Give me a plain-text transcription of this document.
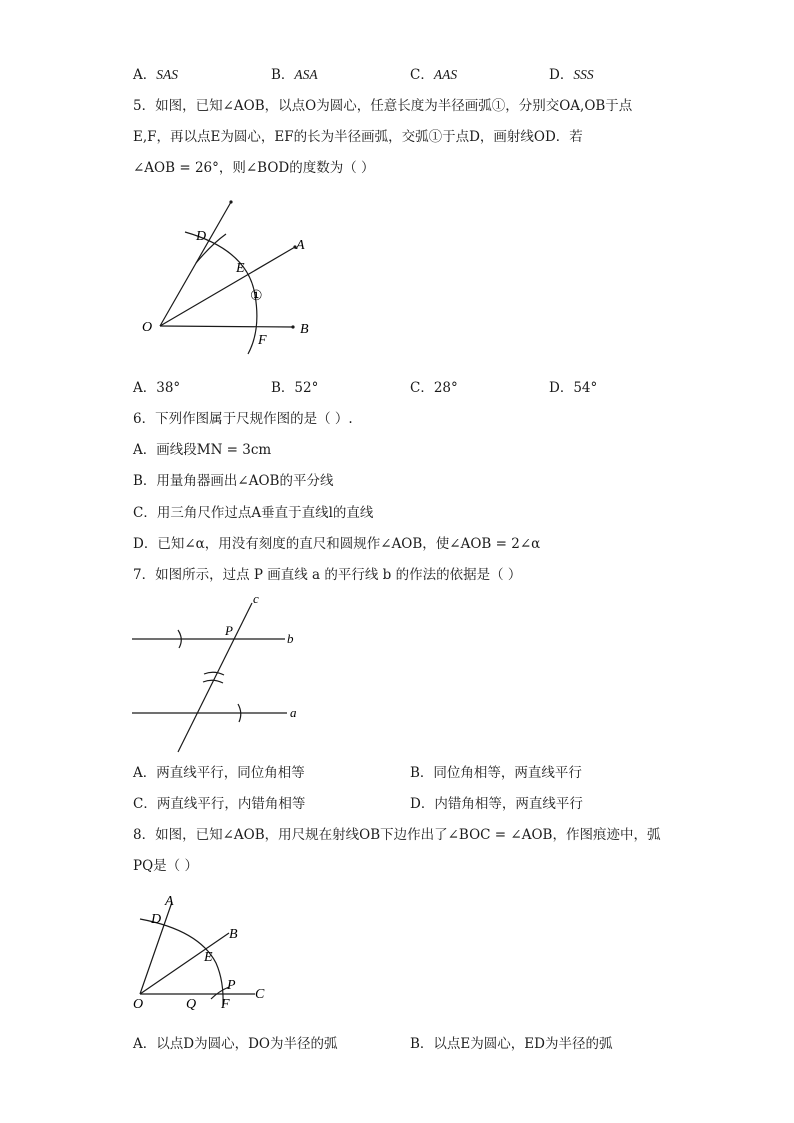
A．SAS	B．ASA	C．AAS	D．SSS
5．如图，已知∠AOB，以点O为圆心，任意长度为半径画弧①，分别交OA,OB于点
E,F，再以点E为圆心，EF的长为半径画弧，交弧①于点D，画射线OD．若
∠AOB = 26°，则∠BOD的度数为（ ）
D
A
E
①
O	B
F
A．38°	B．52°	C．28°	D．54°
6．下列作图属于尺规作图的是（ ）.
A．画线段MN = 3cm
B．用量角器画出∠AOB的平分线
C．用三角尺作过点A垂直于直线l的直线
D．已知∠α，用没有刻度的直尺和圆规作∠AOB，使∠AOB = 2∠α
7．如图所示，过点 P 画直线 a 的平行线 b 的作法的依据是（ ）
c
P
b
a
A．两直线平行，同位角相等	B．同位角相等，两直线平行
C．两直线平行，内错角相等	D．内错角相等，两直线平行
8．如图，已知∠AOB，用尺规在射线OB下边作出了∠BOC = ∠AOB，作图痕迹中，弧
PQ是（ ）
A
D
B
E
P
C
O	Q F
A．以点D为圆心，DO为半径的弧	B．以点E为圆心，ED为半径的弧
